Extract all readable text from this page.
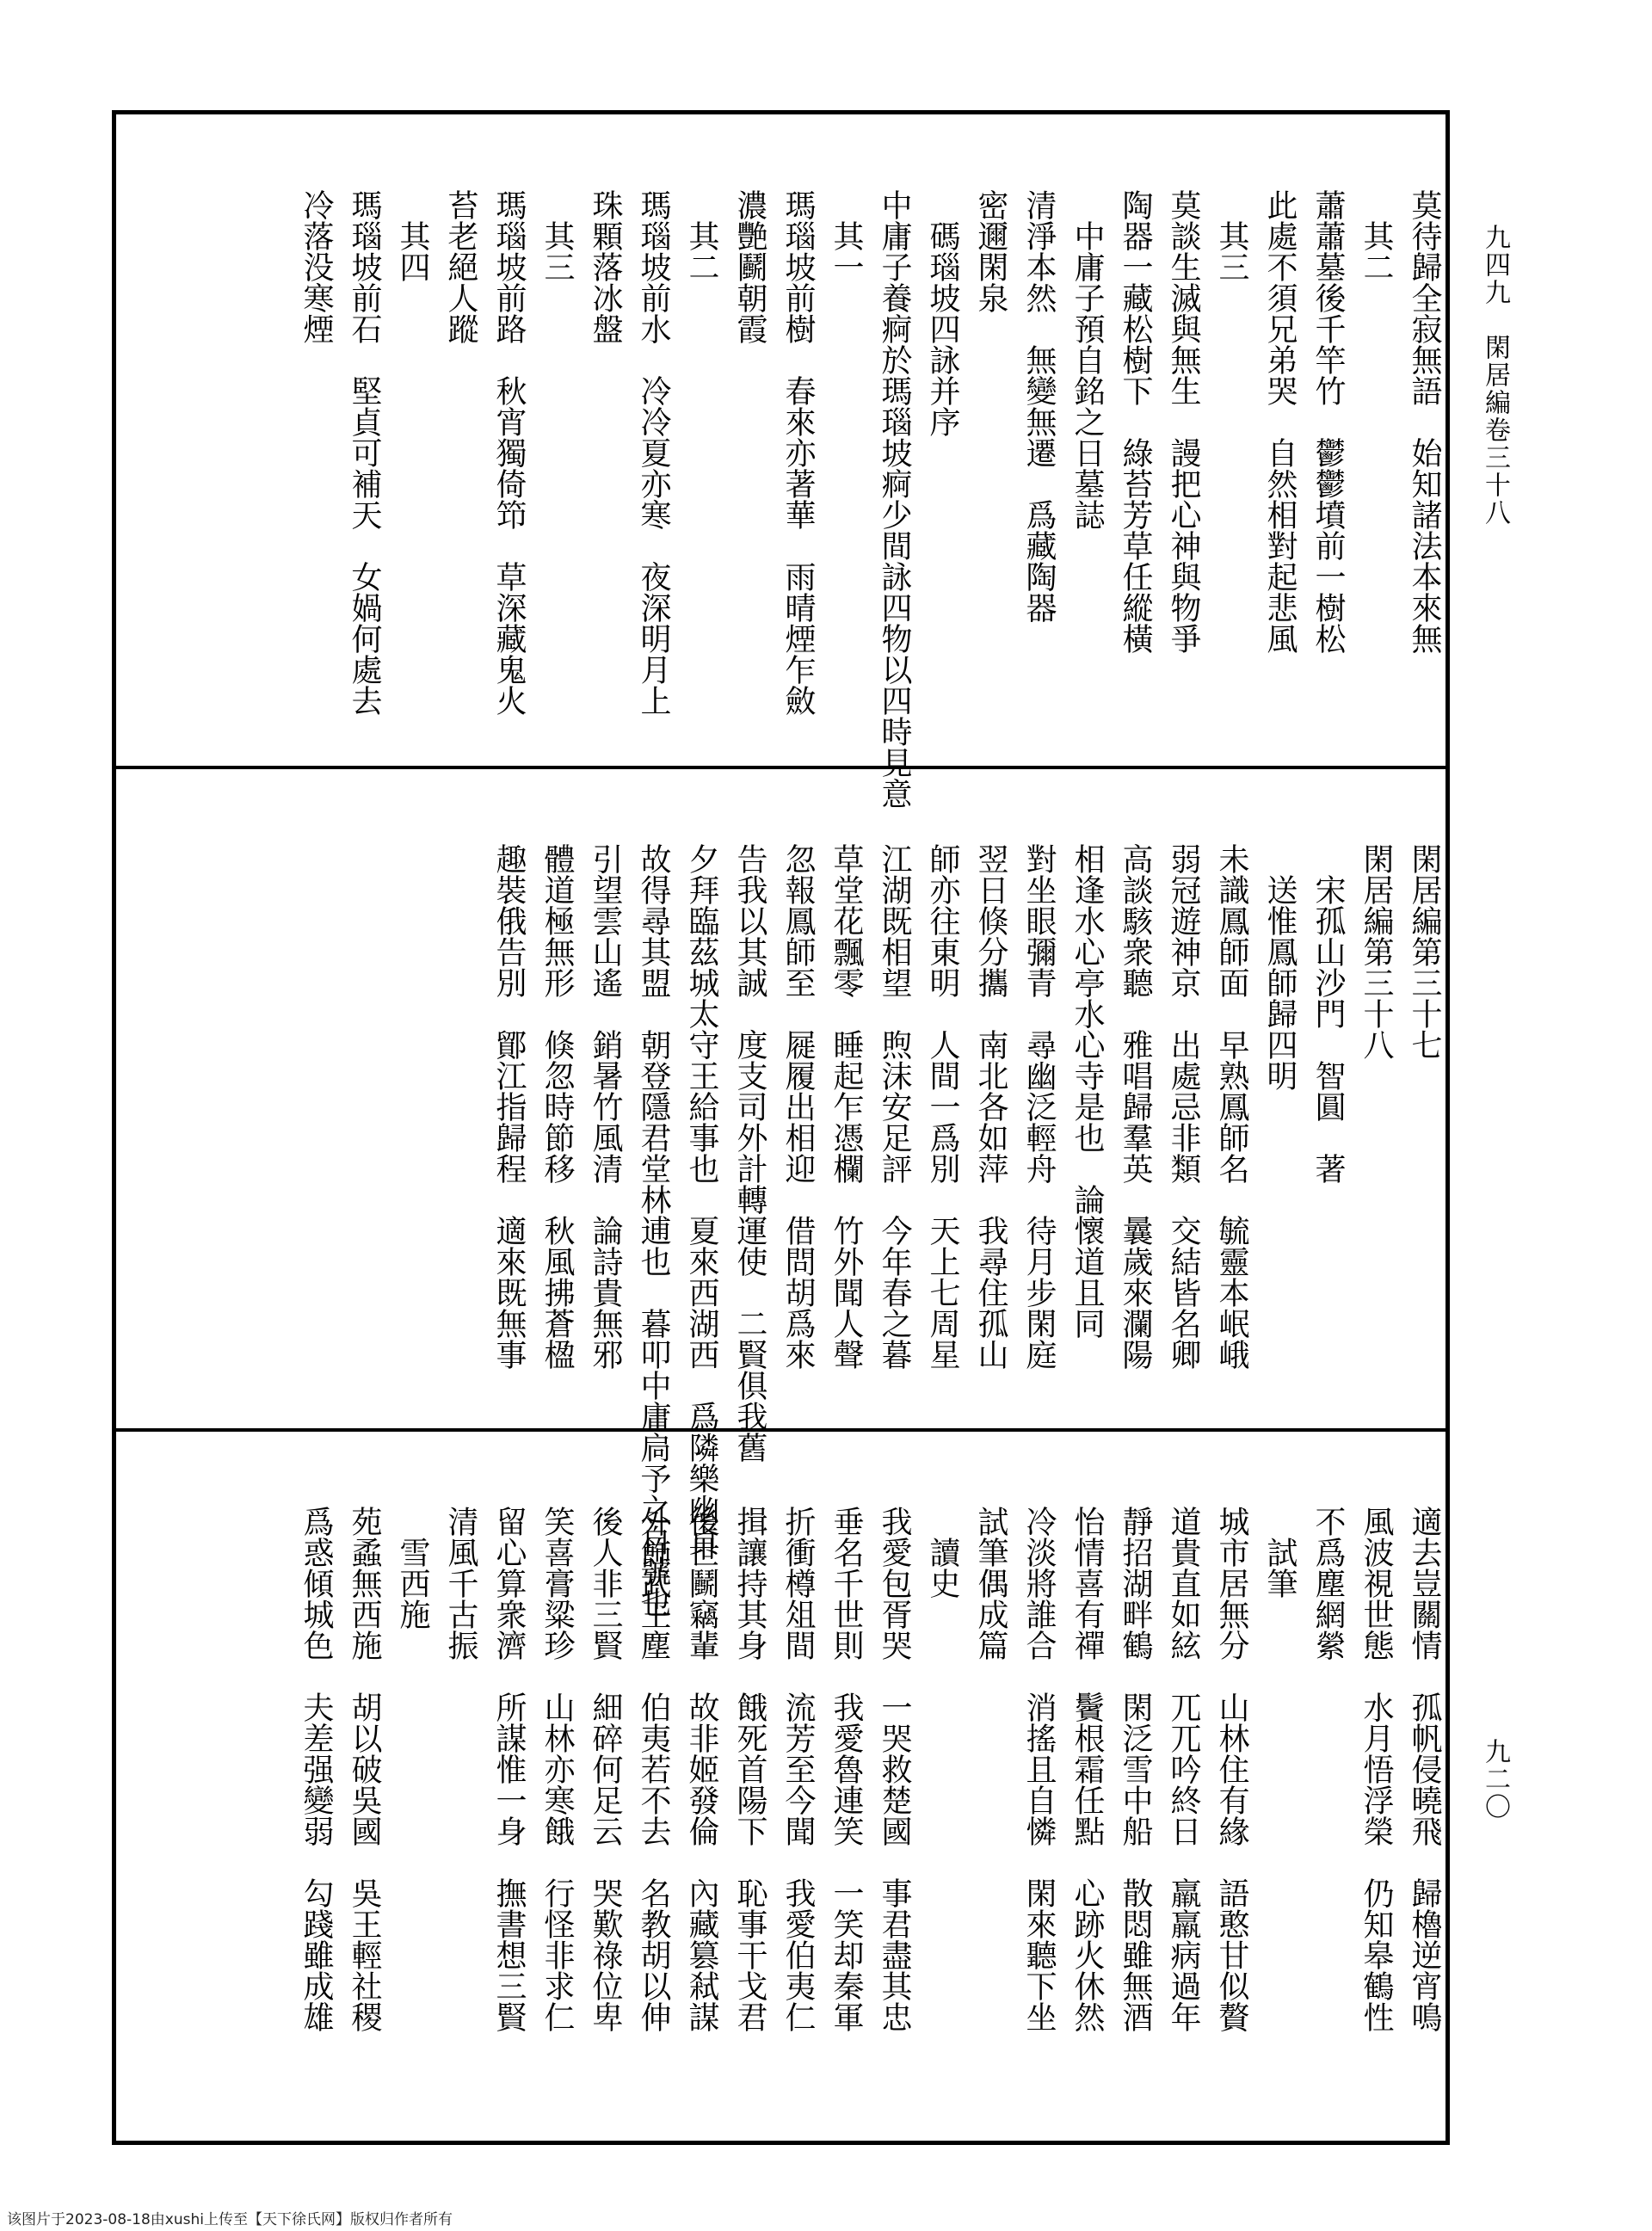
九四九　閑居編卷三十八
九二〇
莫待歸全寂無語　始知諸法本來無
　其二
蕭蕭墓後千竿竹　鬱鬱墳前一樹松
此處不須兄弟哭　自然相對起悲風
　其三
莫談生滅與無生　謾把心神與物爭
陶器一藏松樹下　綠苔芳草任縱橫
　中庸子預自銘之日墓誌
清淨本然　無變無遷　爲藏陶器
密邇閑泉
　碼瑙坡四詠并序
中庸子養痾於瑪瑙坡痾少間詠四物以四時見意
　其一
瑪瑙坡前樹　春來亦著華　雨晴煙乍斂
濃艷鬬朝霞
　其二
瑪瑙坡前水　冷冷夏亦寒　夜深明月上
珠顆落冰盤
　其三
瑪瑙坡前路　秋宵獨倚笻　草深藏鬼火
苔老絕人蹤
　其四
瑪瑙坡前石　堅貞可補天　女媧何處去
冷落没寒煙
閑居編第三十七
閑居編第三十八
　宋孤山沙門　智圓　著
　送惟鳳師歸四明
未識鳳師面　早熟鳳師名　毓靈本岷峨
弱冠遊神京　出處忌非類　交結皆名卿
高談駭衆聽　雅唱歸羣英　曩歲來瀾陽
相逢水心亭水心寺是也　論懷道且同
對坐眼彌青　尋幽泛輕舟　待月步閑庭
翌日倏分攜　南北各如萍　我尋住孤山
師亦往東明　人間一爲別　天上七周星
江湖既相望　煦沫安足評　今年春之暮
草堂花飄零　睡起乍憑欄　竹外聞人聲
忽報鳳師至　屣履出相迎　借問胡爲來
告我以其誠　度支司外計轉運使　二賢俱我舊
夕拜臨茲城太守王給事也　夏來西湖西　爲隣樂幽貞
故得尋其盟　朝登隱君堂林逋也　暮叩中庸扃予之自號也
引望雲山遙　銷暑竹風清　論詩貴無邪
體道極無形　倏忽時節移　秋風拂蒼楹
趣裝俄告別　鄮江指歸程　適來既無事
適去豈關情　孤帆侵曉飛　歸櫓逆宵鳴
風波視世態　水月悟浮榮　仍知皋鶴性
不爲塵網縈
　試筆
城市居無分　山林住有緣　語憨甘似贅
道貴直如絃　兀兀吟終日　羸羸病過年
靜招湖畔鶴　閑泛雪中船　散悶雖無酒
怡情喜有禪　鬢根霜任點　心跡火休然
冷淡將誰合　消搖且自憐　閑來聽下坐
試筆偶成篇
　讀史
我愛包胥哭　一哭救楚國　事君盡其忠
垂名千世則　我愛魯連笑　一笑却秦軍
折衝樽俎間　流芳至今聞　我愛伯夷仁
揖讓持其身　餓死首陽下　恥事干戈君
後世鬭竊輩　故非姬發倫　內藏篡弒謀
外飾武王塵　伯夷若不去　名教胡以伸
後人非三賢　細碎何足云　哭歎祿位卑
笑喜膏粱珍　山林亦寒餓　行怪非求仁
留心算衆濟　所謀惟一身　撫書想三賢
清風千古振
　雪西施
苑蟊無西施　胡以破吳國　吳王輕社稷
爲惑傾城色　夫差强變弱　勾踐雖成雄
该图片于2023-08-18由xushi上传至【天下徐氏网】版权归作者所有
